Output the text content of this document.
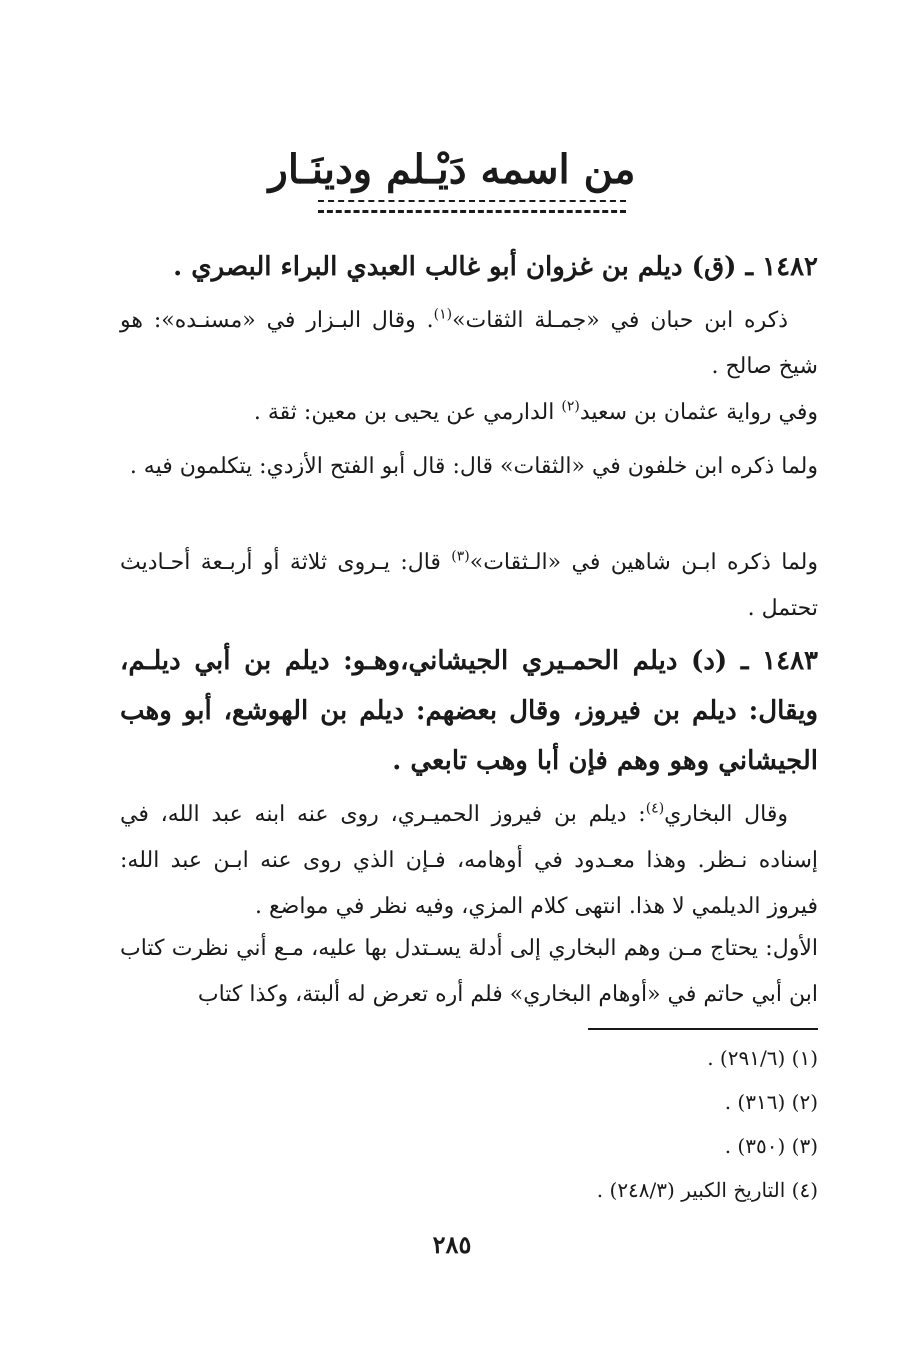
من اسمه دَيْـلم ودينَـار
١٤٨٢ ـ (ق) ديلم بن غزوان أبو غالب العبدي البراء البصري .
ذكره ابن حبان في «جمـلة الثقات»$^{(١)}$. وقال البـزار في «مسنـده»: هو شيخ صالح .
وفي رواية عثمان بن سعيد$^{(٢)}$ الدارمي عن يحيى بن معين: ثقة .
ولما ذكره ابن خلفون في «الثقات» قال: قال أبو الفتح الأزدي: يتكلمون فيه .
ولما ذكره ابـن شاهين في «الـثقات»$^{(٣)}$ قال: يـروى ثلاثة أو أربـعة أحـاديث تحتمل .
١٤٨٣ ـ (د) ديلم الحمـيري الجيشاني،وهـو: ديلم بن أبي ديلـم، ويقال: ديلم بن فيروز، وقال بعضهم: ديلم بن الهوشع، أبو وهب الجيشاني وهو وهم فإن أبا وهب تابعي .
وقال البخاري$^{(٤)}$: ديلم بن فيروز الحميـري، روى عنه ابنه عبد الله، في إسناده نـظر. وهذا معـدود في أوهامه، فـإن الذي روى عنه ابـن عبد الله: فيروز الديلمي لا هذا. انتهى كلام المزي، وفيه نظر في مواضع .
الأول: يحتاج مـن وهم البخاري إلى أدلة يسـتدل بها عليه، مـع أني نظرت كتاب ابن أبي حاتم في «أوهام البخاري» فلم أره تعرض له ألبتة، وكذا كتاب
(١) (٢٩١/٦) .
(٢) (٣١٦) .
(٣) (٣٥٠) .
(٤) التاريخ الكبير (٢٤٨/٣) .
٢٨٥
